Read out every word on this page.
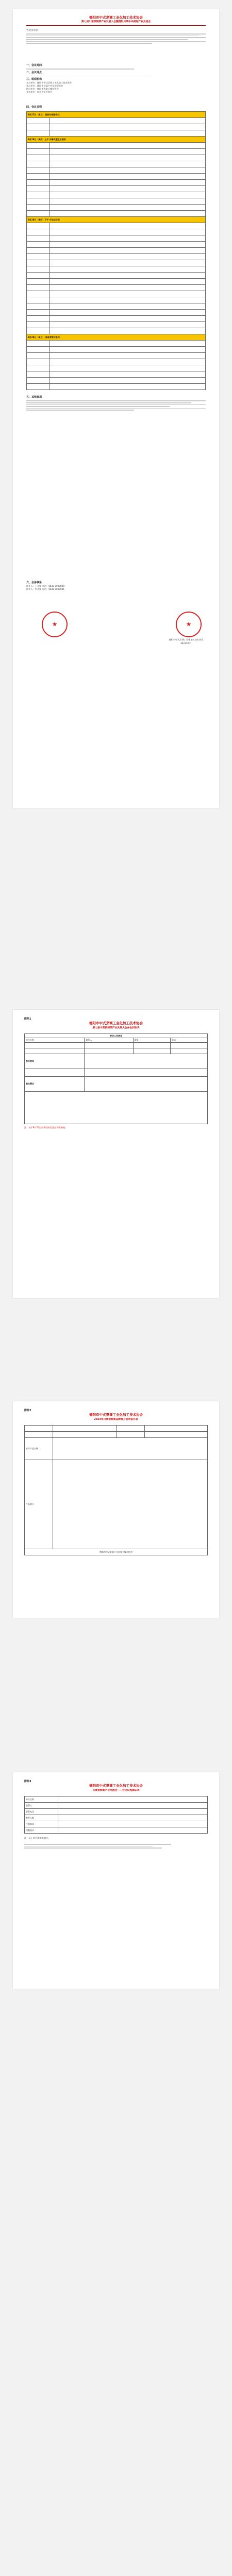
德阳市中式烹调工业化加工技术协会
第七届川菜预制菜产业发展大会暨德阳川菜中央厨房产业交流会
各会员单位：
一、会议时间
二、会议地点
三、组织机构
主办单位：德阳市中式烹调工业化加工技术协会
承办单位：德阳市川菜产业发展促进会
协办单位：德阳市旌阳区餐饮协会
支持单位：四川省烹饪协会
四、会议日程
9月27日（周三） 报到与预备会议	

9月28日（周四）上午 开幕式暨主旨演讲	

9月28日（周四）下午 分论坛交流	

9月29日（周五） 参观考察与签约	

五、其他事项
六、会务联系
联系人：王老师 电话：0838-0000000
联系人：李老师 电话：0838-0000001
★
★
德阳市中式烹调工业化加工技术协会
2023年9月
附件1
德阳市中式烹调工业化加工技术协会
第七届川菜预制菜产业发展大会参会回执表
参会人员信息			
单位名称	联系人	职务	电话

参会意向			

展位需求			

注：请于9月25日前将回执发送至协会邮箱。
附件2
德阳市中式烹调工业化加工技术协会
2023年川菜预制菜品牌推介活动报名表

推介产品名称			
产品简介			
德阳市中式烹调工业化加工技术协会			
附件3
德阳市中式烹调工业化加工技术协会
川菜预制菜产业交流会——会议议程确认表
单位名称	
联系人	
联系电话	
参会人数	
住宿需求	
用餐需求	
注：以上信息请如实填写。
